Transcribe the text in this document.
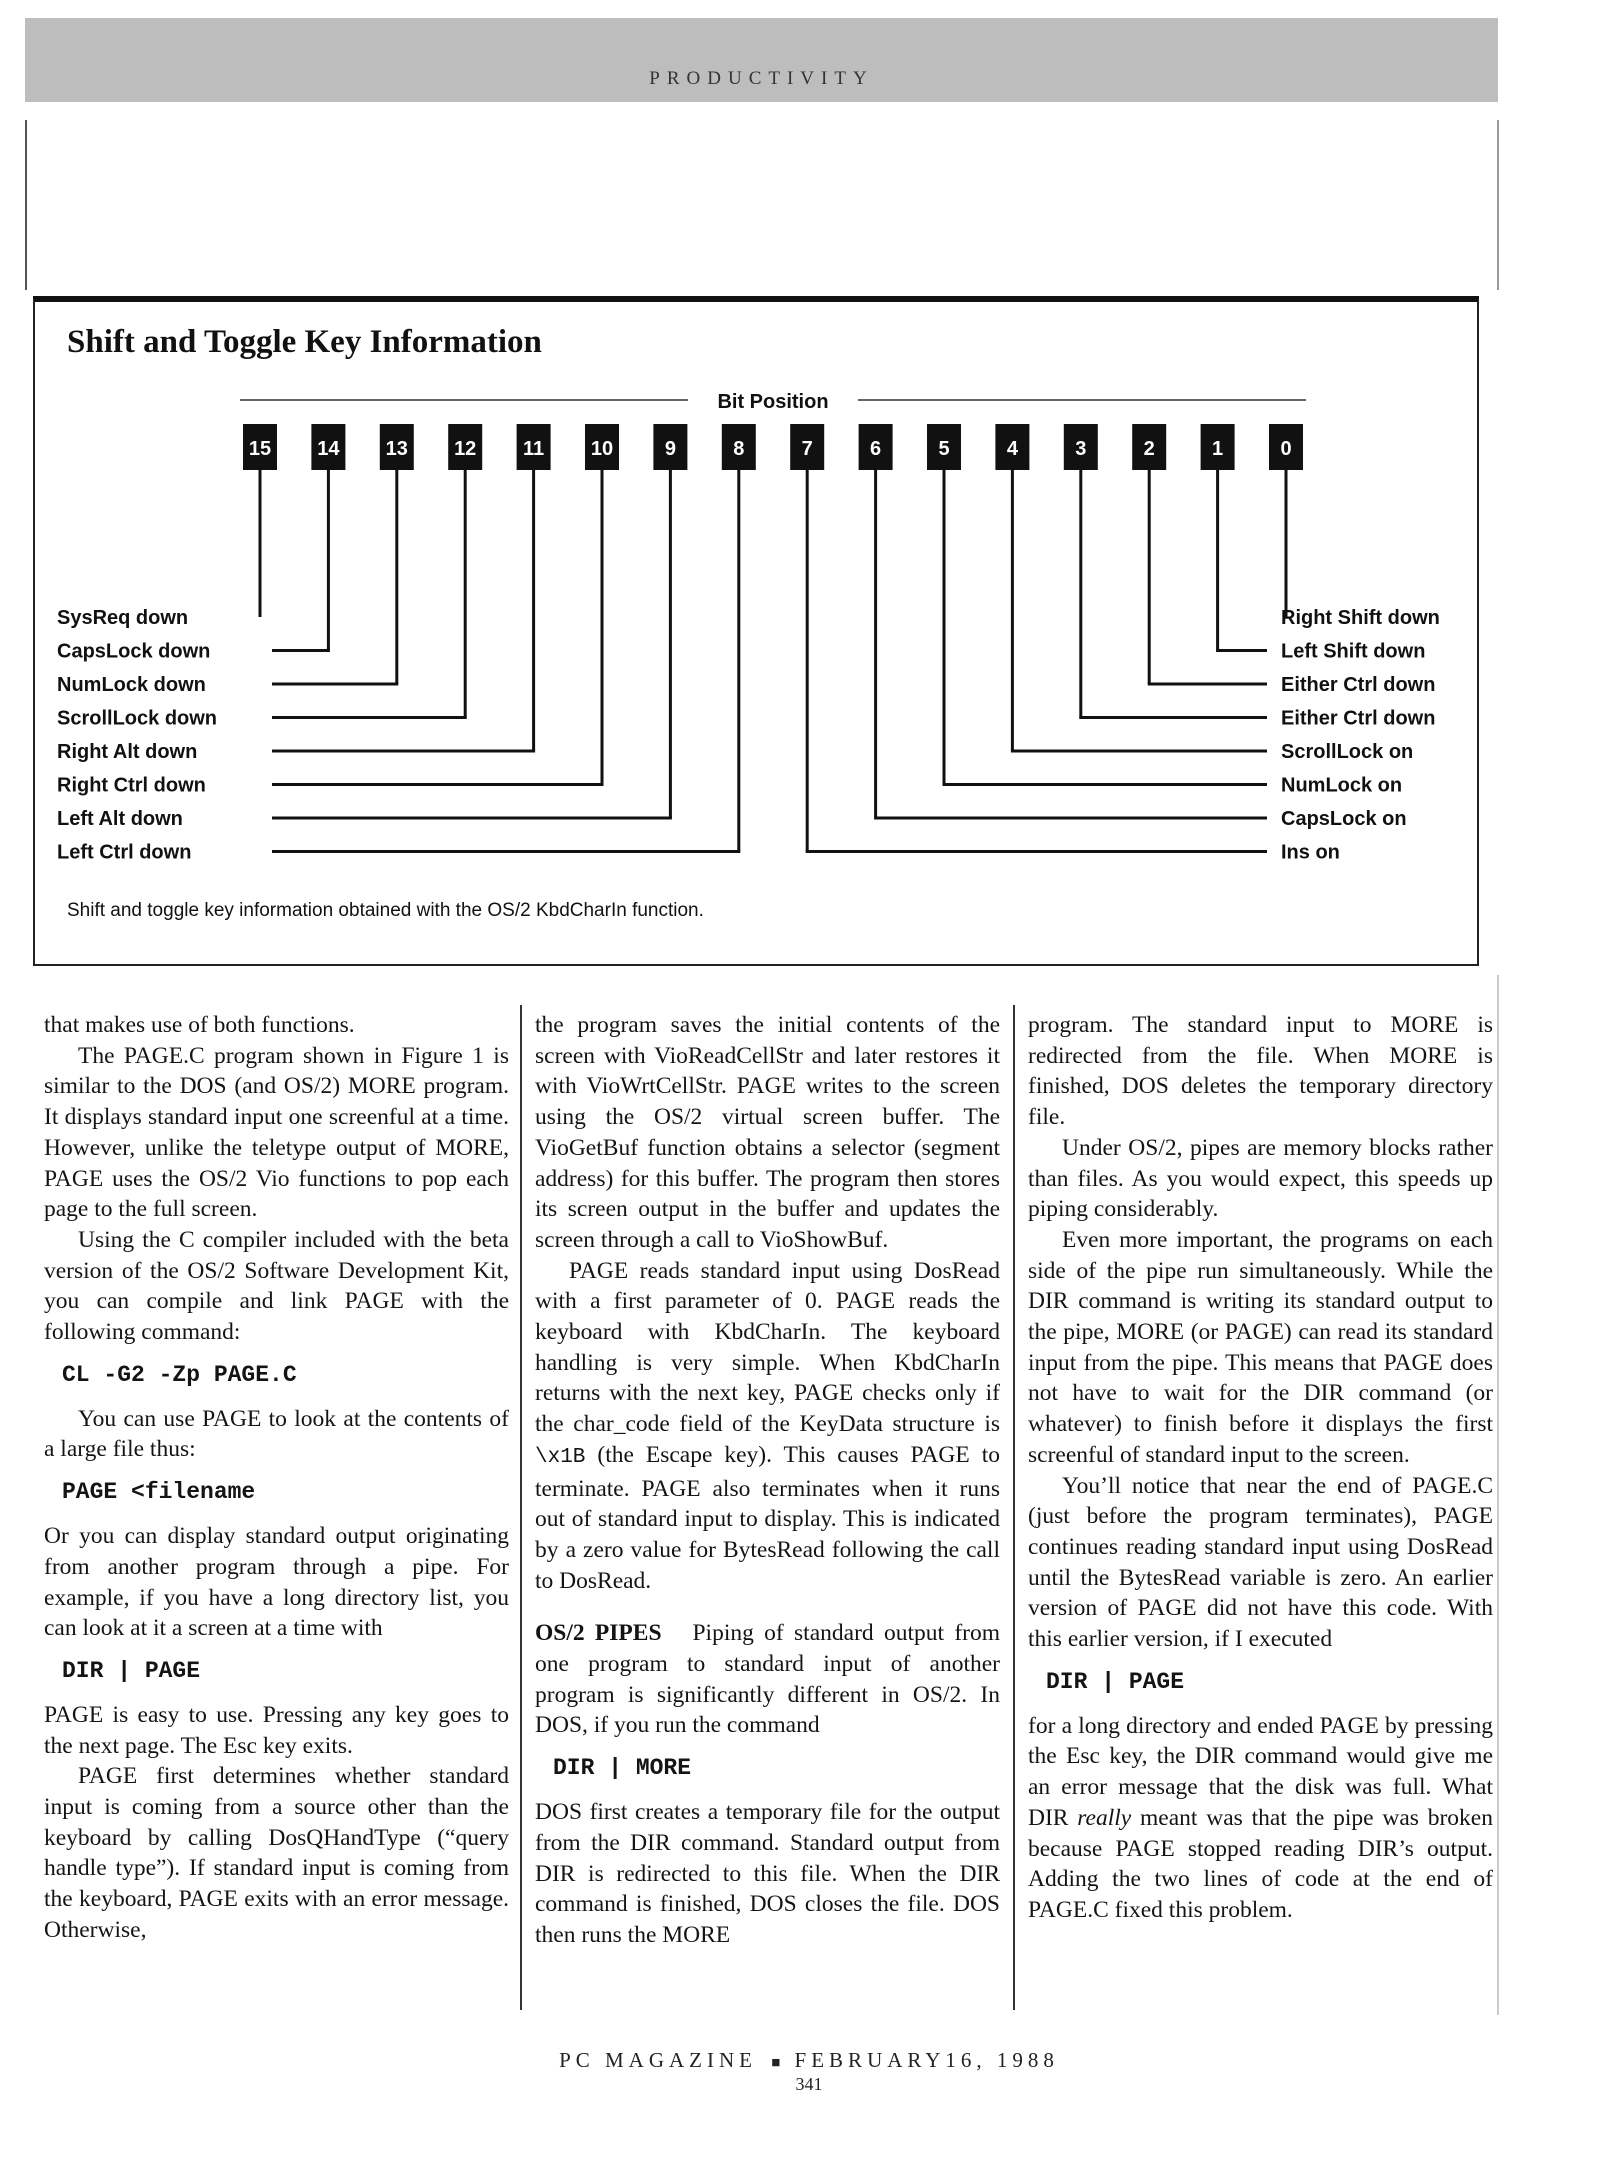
PRODUCTIVITY
Shift and Toggle Key Information
Bit Position
15 14 13 12 11 10	9	8	7	6	5	4	3	2	1	0
SysReq down
CapsLock down
NumLock down
ScrollLock down
Right Alt down
Right Ctrl down
Left Alt down
Left Ctrl down
Right Shift down
Left Shift down
Either Ctrl down
Either Ctrl down
ScrollLock on
NumLock on
CapsLock on
Ins on
Shift and toggle key information obtained with the OS/2 KbdCharIn function.

that makes use of both functions.

The PAGE.C program shown in Figure 1 is similar to the DOS (and OS/2) MORE program. It displays standard input one screenful at a time. However, unlike the teletype output of MORE, PAGE uses the OS/2 Vio functions to pop each page to the full screen.

Using the C compiler included with the beta version of the OS/2 Software Development Kit, you can compile and link PAGE with the following command:

CL -G2 -Zp PAGE.C

You can use PAGE to look at the contents of a large file thus:

PAGE <filename

Or you can display standard output originating from another program through a pipe. For example, if you have a long directory list, you can look at it a screen at a time with

DIR | PAGE

PAGE is easy to use. Pressing any key goes to the next page. The Esc key exits.

PAGE first determines whether standard input is coming from a source other than the keyboard by calling DosQHandType (“query handle type”). If standard input is coming from the keyboard, PAGE exits with an error message. Otherwise,

the program saves the initial contents of the screen with VioReadCellStr and later restores it with VioWrtCellStr. PAGE writes to the screen using the OS/2 virtual screen buffer. The VioGetBuf function obtains a selector (segment address) for this buffer. The program then stores its screen output in the buffer and updates the screen through a call to VioShowBuf.

PAGE reads standard input using DosRead with a first parameter of 0. PAGE reads the keyboard with KbdCharIn. The keyboard handling is very simple. When KbdCharIn returns with the next key, PAGE checks only if the char_code field of the KeyData structure is \x1B (the Escape key). This causes PAGE to terminate. PAGE also terminates when it runs out of standard input to display. This is indicated by a zero value for BytesRead following the call to DosRead.

OS/2 PIPES Piping of standard output from one program to standard input of another program is significantly different in OS/2. In DOS, if you run the command

DIR | MORE

DOS first creates a temporary file for the output from the DIR command. Standard output from DIR is redirected to this file. When the DIR command is finished, DOS closes the file. DOS then runs the MORE

program. The standard input to MORE is redirected from the file. When MORE is finished, DOS deletes the temporary directory file.

Under OS/2, pipes are memory blocks rather than files. As you would expect, this speeds up piping considerably.

Even more important, the programs on each side of the pipe run simultaneously. While the DIR command is writing its standard output to the pipe, MORE (or PAGE) can read its standard input from the pipe. This means that PAGE does not have to wait for the DIR command (or whatever) to finish before it displays the first screenful of standard input to the screen.

You’ll notice that near the end of PAGE.C (just before the program terminates), PAGE continues reading standard input using DosRead until the BytesRead variable is zero. An earlier version of PAGE did not have this code. With this earlier version, if I executed

DIR | PAGE

for a long directory and ended PAGE by pressing the Esc key, the DIR command would give me an error message that the disk was full. What DIR really meant was that the pipe was broken because PAGE stopped reading DIR’s output. Adding the two lines of code at the end of PAGE.C fixed this problem.

PC MAGAZINE ■ FEBRUARY16, 1988
341
